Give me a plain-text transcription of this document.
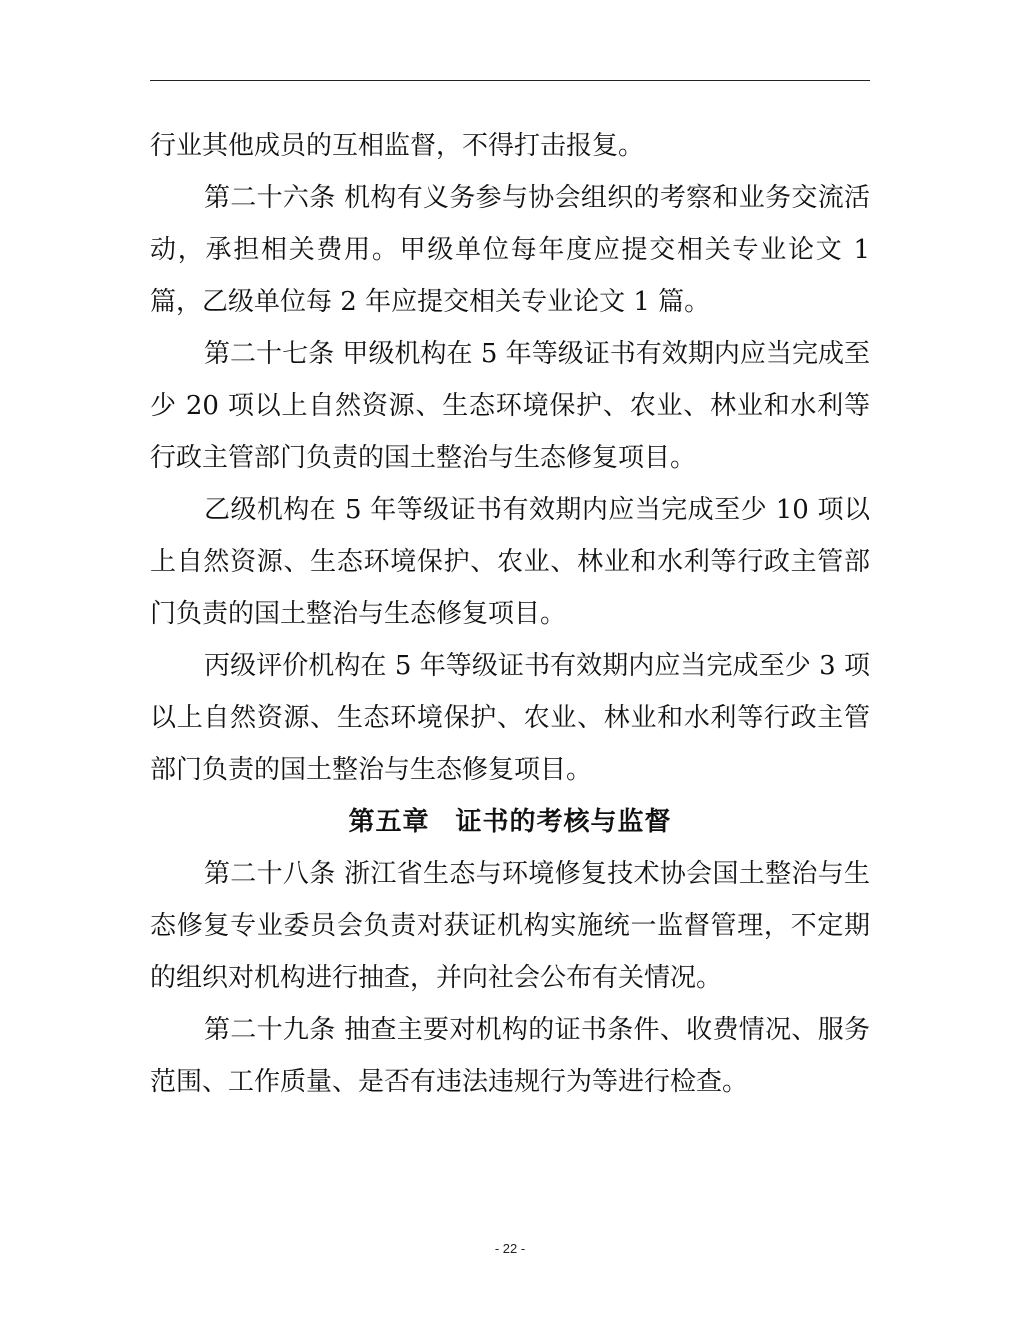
行业其他成员的互相监督，不得打击报复。

第二十六条 机构有义务参与协会组织的考察和业务交流活动，承担相关费用。甲级单位每年度应提交相关专业论文 1 篇，乙级单位每 2 年应提交相关专业论文 1 篇。

第二十七条 甲级机构在 5 年等级证书有效期内应当完成至少 20 项以上自然资源、生态环境保护、农业、林业和水利等行政主管部门负责的国土整治与生态修复项目。

乙级机构在 5 年等级证书有效期内应当完成至少 10 项以上自然资源、生态环境保护、农业、林业和水利等行政主管部门负责的国土整治与生态修复项目。

丙级评价机构在 5 年等级证书有效期内应当完成至少 3 项以上自然资源、生态环境保护、农业、林业和水利等行政主管部门负责的国土整治与生态修复项目。

第五章 证书的考核与监督

第二十八条 浙江省生态与环境修复技术协会国土整治与生态修复专业委员会负责对获证机构实施统一监督管理，不定期的组织对机构进行抽查，并向社会公布有关情况。

第二十九条 抽查主要对机构的证书条件、收费情况、服务范围、工作质量、是否有违法违规行为等进行检查。

- 22 -
